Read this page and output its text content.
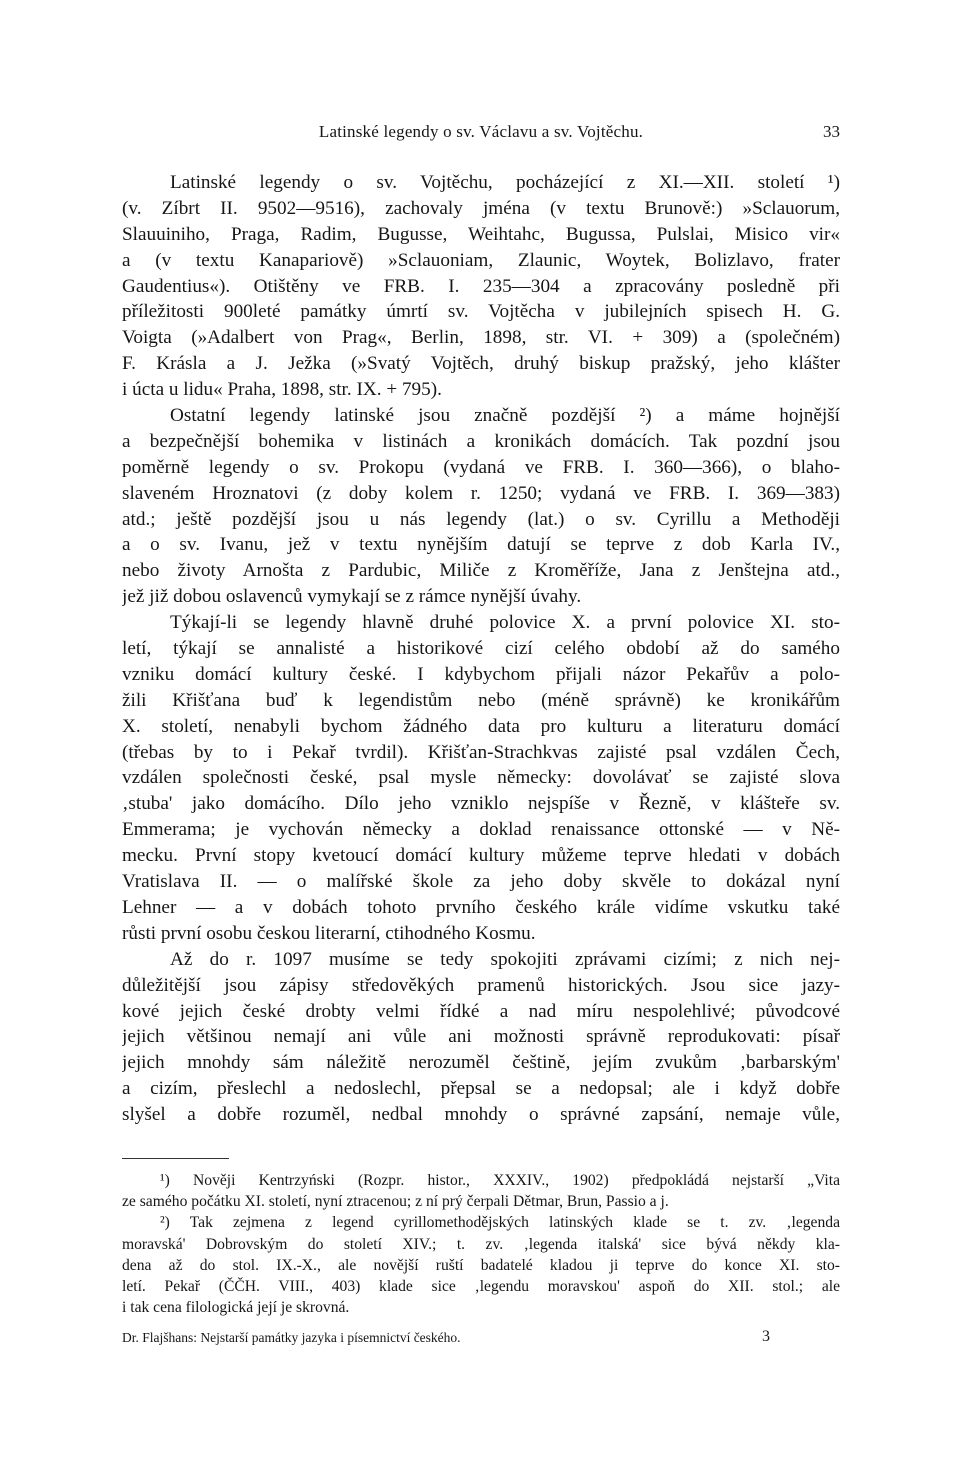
Latinské legendy o sv. Václavu a sv. Vojtěchu.	33
Latinské legendy o sv. Vojtěchu, pocházející z XI.—XII. století ¹)
(v. Zíbrt II. 9502—9516), zachovaly jména (v textu Brunově:) »Sclauorum,
Slauuiniho, Praga, Radim, Bugusse, Weihtahc, Bugussa, Pulslai, Misico vir«
a (v textu Kanapariově) »Sclauoniam, Zlaunic, Woytek, Bolizlavo, frater
Gaudentius«). Otištěny ve FRB. I. 235—304 a zpracovány posledně při
příležitosti 900leté památky úmrtí sv. Vojtěcha v jubilejních spisech H. G.
Voigta (»Adalbert von Prag«, Berlin, 1898, str. VI. + 309) a (společném)
F. Krásla a J. Ježka (»Svatý Vojtěch, druhý biskup pražský, jeho klášter
i úcta u lidu« Praha, 1898, str. IX. + 795).
Ostatní legendy latinské jsou značně pozdější ²) a máme hojnější
a bezpečnější bohemika v listinách a kronikách domácích. Tak pozdní jsou
poměrně legendy o sv. Prokopu (vydaná ve FRB. I. 360—366), o blaho-
slaveném Hroznatovi (z doby kolem r. 1250; vydaná ve FRB. I. 369—383)
atd.; ještě pozdější jsou u nás legendy (lat.) o sv. Cyrillu a Methoději
a o sv. Ivanu, jež v textu nynějším datují se teprve z dob Karla IV.,
nebo životy Arnošta z Pardubic, Miliče z Kroměříže, Jana z Jenštejna atd.,
jež již dobou oslavenců vymykají se z rámce nynější úvahy.
Týkají-li se legendy hlavně druhé polovice X. a první polovice XI. sto-
letí, týkají se annalisté a historikové cizí celého období až do samého
vzniku domácí kultury české. I kdybychom přijali názor Pekařův a polo-
žili Křišťana buď k legendistům nebo (méně správně) ke kronikářům
X. století, nenabyli bychom žádného data pro kulturu a literaturu domácí
(třebas by to i Pekař tvrdil). Křišťan-Strachkvas zajisté psal vzdálen Čech,
vzdálen společnosti české, psal mysle německy: dovolávať se zajisté slova
‚stuba' jako domácího. Dílo jeho vzniklo nejspíše v Řezně, v klášteře sv.
Emmerama; je vychován německy a doklad renaissance ottonské — v Ně-
mecku. První stopy kvetoucí domácí kultury můžeme teprve hledati v dobách
Vratislava II. — o malířské škole za jeho doby skvěle to dokázal nyní
Lehner — a v dobách tohoto prvního českého krále vidíme vskutku také
růsti první osobu českou literarní, ctihodného Kosmu.
Až do r. 1097 musíme se tedy spokojiti zprávami cizími; z nich nej-
důležitější jsou zápisy středověkých pramenů historických. Jsou sice jazy-
kové jejich české drobty velmi řídké a nad míru nespolehlivé; původcové
jejich většinou nemají ani vůle ani možnosti správně reprodukovati: písař
jejich mnohdy sám náležitě nerozuměl češtině, jejím zvukům ‚barbarským'
a cizím, přeslechl a nedoslechl, přepsal se a nedopsal; ale i když dobře
slyšel a dobře rozuměl, nedbal mnohdy o správné zapsání, nemaje vůle,
¹) Nověji Kentrzyński (Rozpr. histor., XXXIV., 1902) předpokládá nejstarší „Vita
ze samého počátku XI. století, nyní ztracenou; z ní prý čerpali Dětmar, Brun, Passio a j.
²) Tak zejmena z legend cyrillomethodějských latinských klade se t. zv. ‚legenda
moravská' Dobrovským do století XIV.; t. zv. ‚legenda italská' sice bývá někdy kla-
dena až do stol. IX.-X., ale novější ruští badatelé kladou ji teprve do konce XI. sto-
letí. Pekař (ČČH. VIII., 403) klade sice ‚legendu moravskou' aspoň do XII. stol.; ale
i tak cena filologická její je skrovná.
Dr. Flajšhans: Nejstarší památky jazyka i písemnictví českého.	3
